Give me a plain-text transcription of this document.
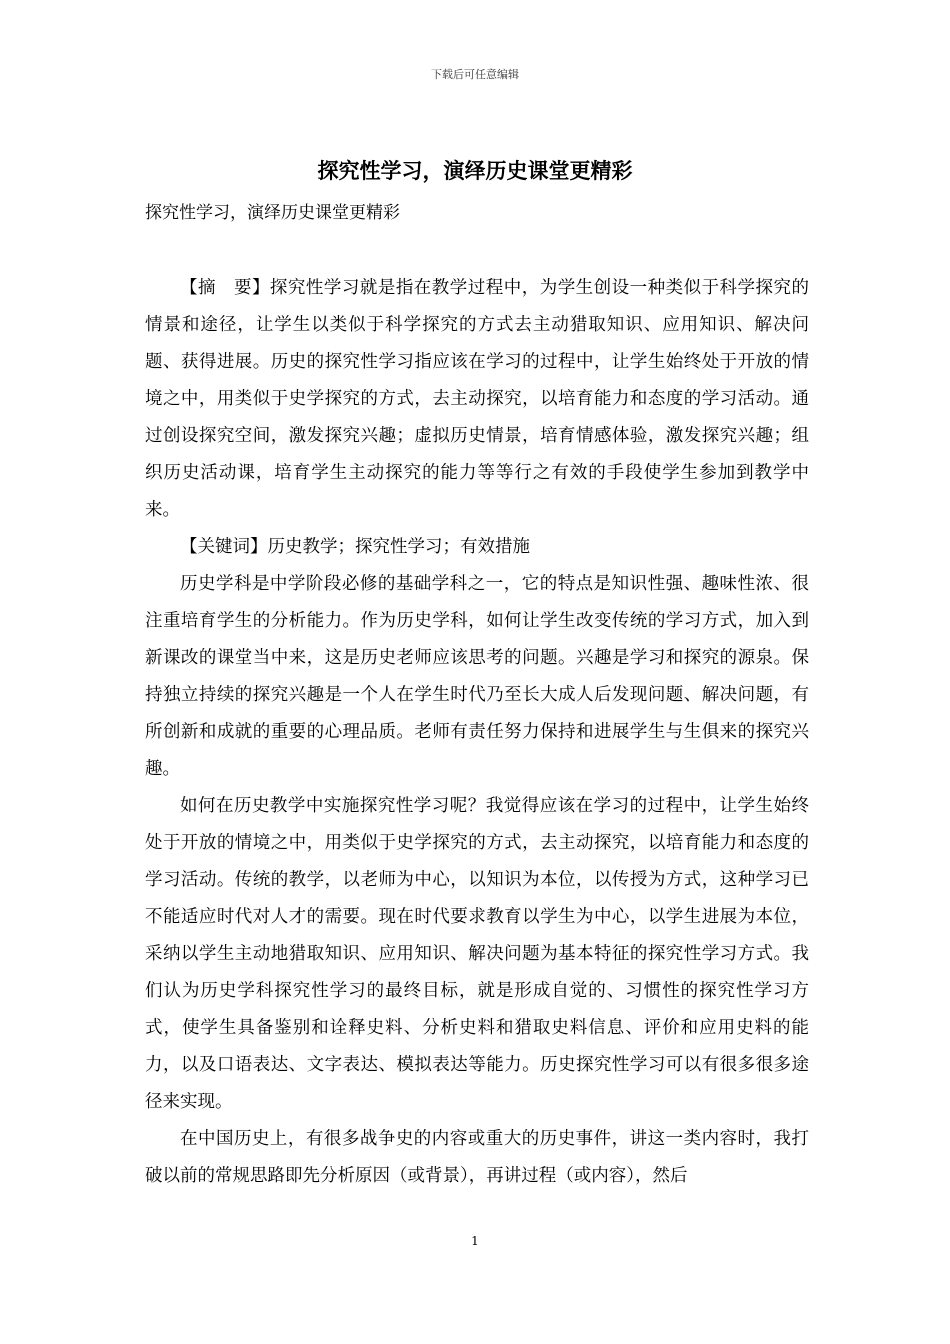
下载后可任意编辑
探究性学习，演绎历史课堂更精彩

探究性学习，演绎历史课堂更精彩

【摘　要】探究性学习就是指在教学过程中，为学生创设一种类似于科学探究的情景和途径，让学生以类似于科学探究的方式去主动猎取知识、应用知识、解决问题、获得进展。历史的探究性学习指应该在学习的过程中，让学生始终处于开放的情境之中，用类似于史学探究的方式，去主动探究，以培育能力和态度的学习活动。通过创设探究空间，激发探究兴趣；虚拟历史情景，培育情感体验，激发探究兴趣；组织历史活动课，培育学生主动探究的能力等等行之有效的手段使学生参加到教学中来。

【关键词】历史教学；探究性学习；有效措施

历史学科是中学阶段必修的基础学科之一，它的特点是知识性强、趣味性浓、很注重培育学生的分析能力。作为历史学科，如何让学生改变传统的学习方式，加入到新课改的课堂当中来，这是历史老师应该思考的问题。兴趣是学习和探究的源泉。保持独立持续的探究兴趣是一个人在学生时代乃至长大成人后发现问题、解决问题，有所创新和成就的重要的心理品质。老师有责任努力保持和进展学生与生俱来的探究兴趣。

如何在历史教学中实施探究性学习呢？我觉得应该在学习的过程中，让学生始终处于开放的情境之中，用类似于史学探究的方式，去主动探究，以培育能力和态度的学习活动。传统的教学，以老师为中心，以知识为本位，以传授为方式，这种学习已不能适应时代对人才的需要。现在时代要求教育以学生为中心，以学生进展为本位，采纳以学生主动地猎取知识、应用知识、解决问题为基本特征的探究性学习方式。我们认为历史学科探究性学习的最终目标，就是形成自觉的、习惯性的探究性学习方式，使学生具备鉴别和诠释史料、分析史料和猎取史料信息、评价和应用史料的能力，以及口语表达、文字表达、模拟表达等能力。历史探究性学习可以有很多很多途径来实现。

在中国历史上，有很多战争史的内容或重大的历史事件，讲这一类内容时，我打破以前的常规思路即先分析原因（或背景），再讲过程（或内容），然后

1
